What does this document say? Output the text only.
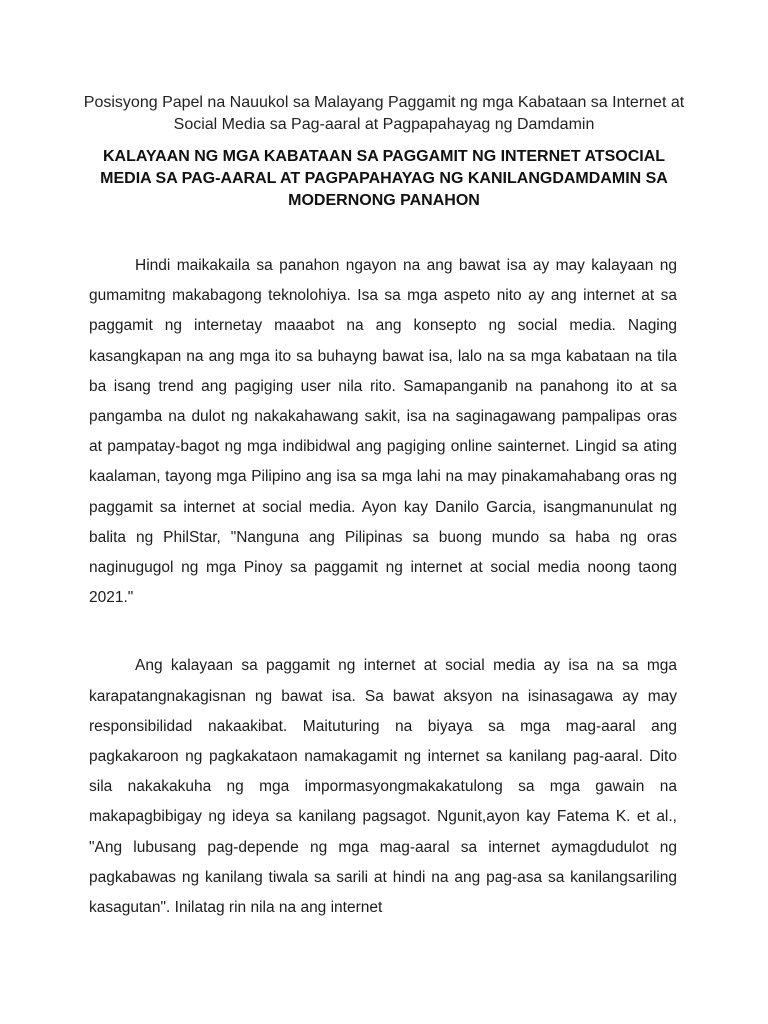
Posisyong Papel na Nauukol sa Malayang Paggamit ng mga Kabataan sa Internet at Social Media sa Pag-aaral at Pagpapahayag ng Damdamin
KALAYAAN NG MGA KABATAAN SA PAGGAMIT NG INTERNET ATSOCIAL MEDIA SA PAG-AARAL AT PAGPAPAHAYAG NG KANILANGDAMDAMIN SA MODERNONG PANAHON

Hindi maikakaila sa panahon ngayon na ang bawat isa ay may kalayaan ng gumamitng makabagong teknolohiya. Isa sa mga aspeto nito ay ang internet at sa paggamit ng internetay maaabot na ang konsepto ng social media. Naging kasangkapan na ang mga ito sa buhayng bawat isa, lalo na sa mga kabataan na tila ba isang trend ang pagiging user nila rito. Samapanganib na panahong ito at sa pangamba na dulot ng nakakahawang sakit, isa na saginagawang pampalipas oras at pampatay-bagot ng mga indibidwal ang pagiging online sainternet. Lingid sa ating kaalaman, tayong mga Pilipino ang isa sa mga lahi na may pinakamahabang oras ng paggamit sa internet at social media. Ayon kay Danilo Garcia, isangmanunulat ng balita ng PhilStar, "Nanguna ang Pilipinas sa buong mundo sa haba ng oras naginugugol ng mga Pinoy sa paggamit ng internet at social media noong taong 2021."

Ang kalayaan sa paggamit ng internet at social media ay isa na sa mga karapatangnakagisnan ng bawat isa. Sa bawat aksyon na isinasagawa ay may responsibilidad nakaakibat. Maituturing na biyaya sa mga mag-aaral ang pagkakaroon ng pagkakataon namakagamit ng internet sa kanilang pag-aaral. Dito sila nakakakuha ng mga impormasyongmakakatulong sa mga gawain na makapagbibigay ng ideya sa kanilang pagsagot. Ngunit,ayon kay Fatema K. et al., "Ang lubusang pag-depende ng mga mag-aaral sa internet aymagdudulot ng pagkabawas ng kanilang tiwala sa sarili at hindi na ang pag-asa sa kanilangsariling kasagutan". Inilatag rin nila na ang internet
